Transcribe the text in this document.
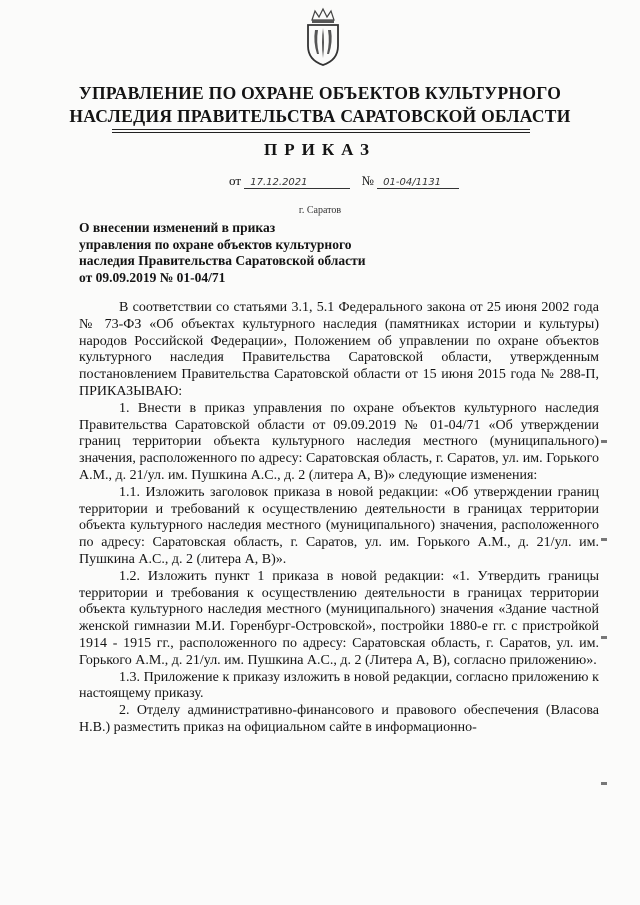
УПРАВЛЕНИЕ ПО ОХРАНЕ ОБЪЕКТОВ КУЛЬТУРНОГО
НАСЛЕДИЯ ПРАВИТЕЛЬСТВА САРАТОВСКОЙ ОБЛАСТИ
ПРИКАЗ
от 17.12.2021	№ 01-04/1131
г. Саратов
О внесении изменений в приказ
управления по охране объектов культурного
наследия Правительства Саратовской области
от 09.09.2019 № 01-04/71

В соответствии со статьями 3.1, 5.1 Федерального закона от 25 июня 2002 года № 73-ФЗ «Об объектах культурного наследия (памятниках истории и культуры) народов Российской Федерации», Положением об управлении по охране объектов культурного наследия Правительства Саратовской области, утвержденным постановлением Правительства Саратовской области от 15 июня 2015 года № 288-П, ПРИКАЗЫВАЮ:

1. Внести в приказ управления по охране объектов культурного наследия Правительства Саратовской области от 09.09.2019 № 01-04/71 «Об утверждении границ территории объекта культурного наследия местного (муниципального) значения, расположенного по адресу: Саратовская область, г. Саратов, ул. им. Горького А.М., д. 21/ул. им. Пушкина А.С., д. 2 (литера А, В)» следующие изменения:

1.1. Изложить заголовок приказа в новой редакции: «Об утверждении границ территории и требований к осуществлению деятельности в границах территории объекта культурного наследия местного (муниципального) значения, расположенного по адресу: Саратовская область, г. Саратов, ул. им. Горького А.М., д. 21/ул. им. Пушкина А.С., д. 2 (литера А, В)».

1.2. Изложить пункт 1 приказа в новой редакции: «1. Утвердить границы территории и требования к осуществлению деятельности в границах территории объекта культурного наследия местного (муниципального) значения «Здание частной женской гимназии М.И. Горенбург-Островской», постройки 1880-е гг. с пристройкой 1914 - 1915 гг., расположенного по адресу: Саратовская область, г. Саратов, ул. им. Горького А.М., д. 21/ул. им. Пушкина А.С., д. 2 (Литера А, В), согласно приложению».

1.3. Приложение к приказу изложить в новой редакции, согласно приложению к настоящему приказу.

2. Отделу административно-финансового и правового обеспечения (Власова Н.В.) разместить приказ на официальном сайте в информационно-
